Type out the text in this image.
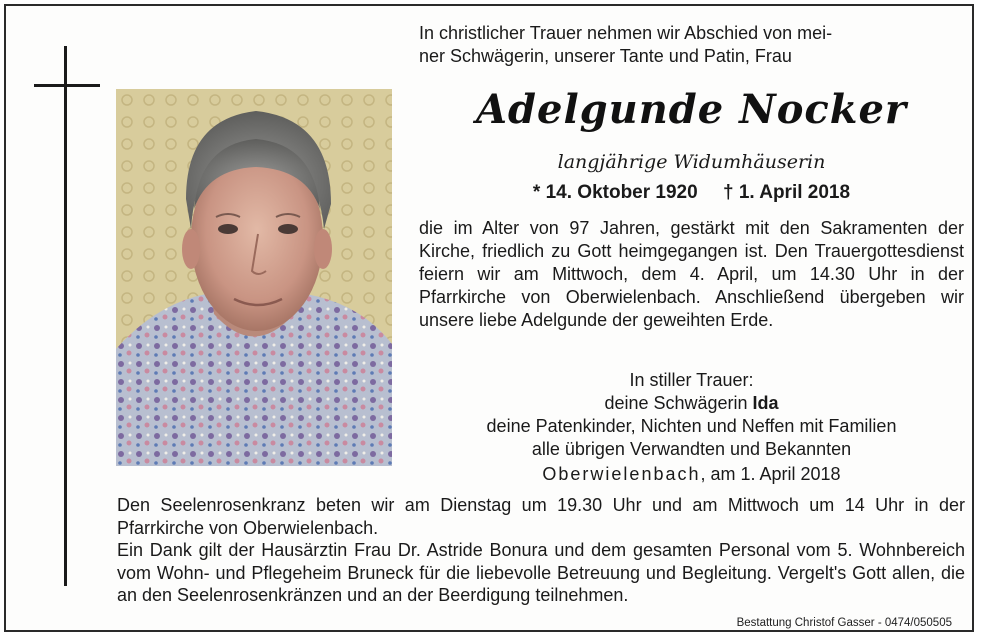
In christlicher Trauer nehmen wir Abschied von mei-
ner Schwägerin, unserer Tante und Patin, Frau
Adelgunde Nocker
langjährige Widumhäuserin
* 14. Oktober 1920 † 1. April 2018
die im Alter von 97 Jahren, gestärkt mit den Sakramenten der Kirche, friedlich zu Gott heimgegangen ist. Den Trauergottesdienst feiern wir am Mittwoch, dem 4. April, um 14.30 Uhr in der Pfarrkirche von Oberwielenbach. Anschließend übergeben wir unsere liebe Adelgunde der geweihten Erde.
In stiller Trauer:
deine Schwägerin Ida
deine Patenkinder, Nichten und Neffen mit Familien
alle übrigen Verwandten und Bekannten
Oberwielenbach, am 1. April 2018

Den Seelenrosenkranz beten wir am Dienstag um 19.30 Uhr und am Mittwoch um 14 Uhr in der Pfarrkirche von Oberwielenbach.

Ein Dank gilt der Hausärztin Frau Dr. Astride Bonura und dem gesamten Personal vom 5. Wohnbereich vom Wohn- und Pflegeheim Bruneck für die liebevolle Betreuung und Begleitung. Vergelt's Gott allen, die an den Seelenrosenkränzen und an der Beerdigung teilnehmen.

Bestattung Christof Gasser - 0474/050505
